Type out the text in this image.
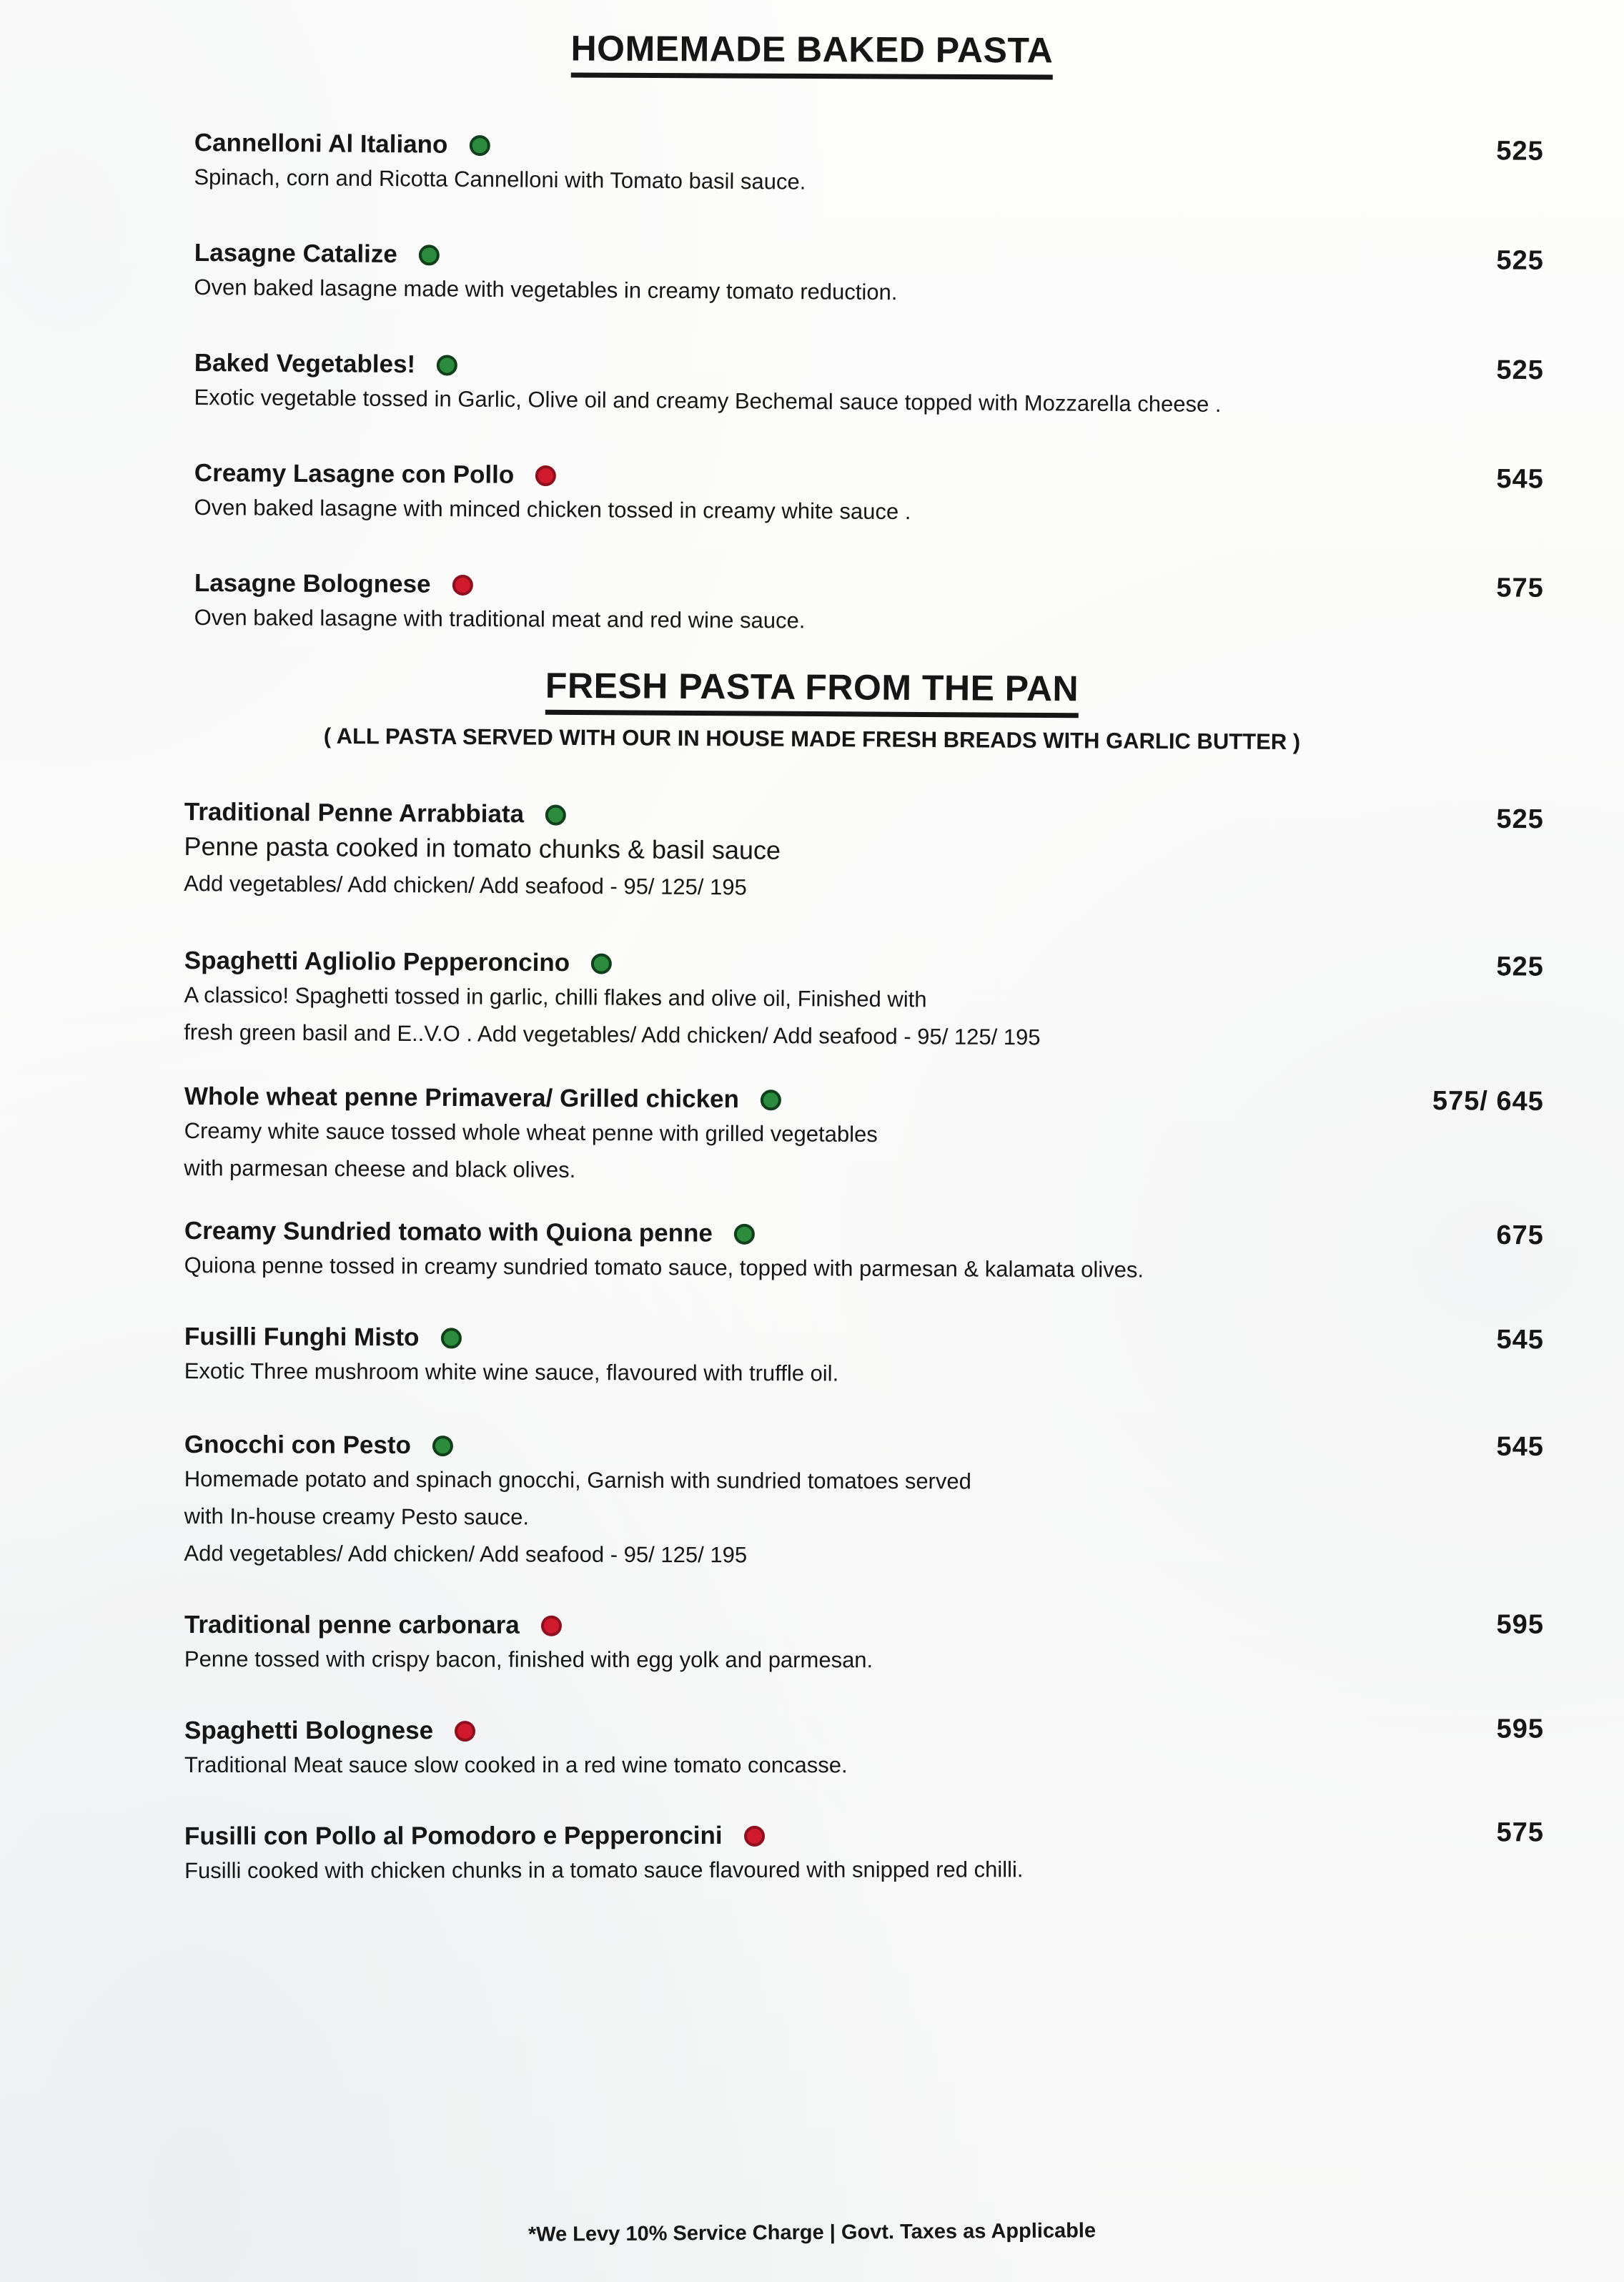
HOMEMADE BAKED PASTA
Cannelloni Al Italiano
Spinach, corn and Ricotta Cannelloni with Tomato basil sauce.
525
Lasagne Catalize
Oven baked lasagne made with vegetables in creamy tomato reduction.
525
Baked Vegetables!
Exotic vegetable tossed in Garlic, Olive oil and creamy Bechemal sauce topped with Mozzarella cheese .
525
Creamy Lasagne con Pollo
Oven baked lasagne with minced chicken tossed in creamy white sauce .
545
Lasagne Bolognese
Oven baked lasagne with traditional meat and red wine sauce.
575
FRESH PASTA FROM THE PAN
( ALL PASTA SERVED WITH OUR IN HOUSE MADE FRESH BREADS WITH GARLIC BUTTER )
Traditional Penne Arrabbiata
Penne pasta cooked in tomato chunks & basil sauce
Add vegetables/ Add chicken/ Add seafood - 95/ 125/ 195
525
Spaghetti Agliolio Pepperoncino
A classico! Spaghetti tossed in garlic, chilli flakes and olive oil, Finished with
fresh green basil and E..V.O . Add vegetables/ Add chicken/ Add seafood - 95/ 125/ 195
525
Whole wheat penne Primavera/ Grilled chicken
Creamy white sauce tossed whole wheat penne with grilled vegetables
with parmesan cheese and black olives.
575/ 645
Creamy Sundried tomato with Quiona penne
Quiona penne tossed in creamy sundried tomato sauce, topped with parmesan & kalamata olives.
675
Fusilli Funghi Misto
Exotic Three mushroom white wine sauce, flavoured with truffle oil.
545
Gnocchi con Pesto
Homemade potato and spinach gnocchi, Garnish with sundried tomatoes served
with In-house creamy Pesto sauce.
Add vegetables/ Add chicken/ Add seafood - 95/ 125/ 195
545
Traditional penne carbonara
Penne tossed with crispy bacon, finished with egg yolk and parmesan.
595
Spaghetti Bolognese
Traditional Meat sauce slow cooked in a red wine tomato concasse.
595
Fusilli con Pollo al Pomodoro e Pepperoncini
Fusilli cooked with chicken chunks in a tomato sauce flavoured with snipped red chilli.
575
*We Levy 10% Service Charge | Govt. Taxes as Applicable
